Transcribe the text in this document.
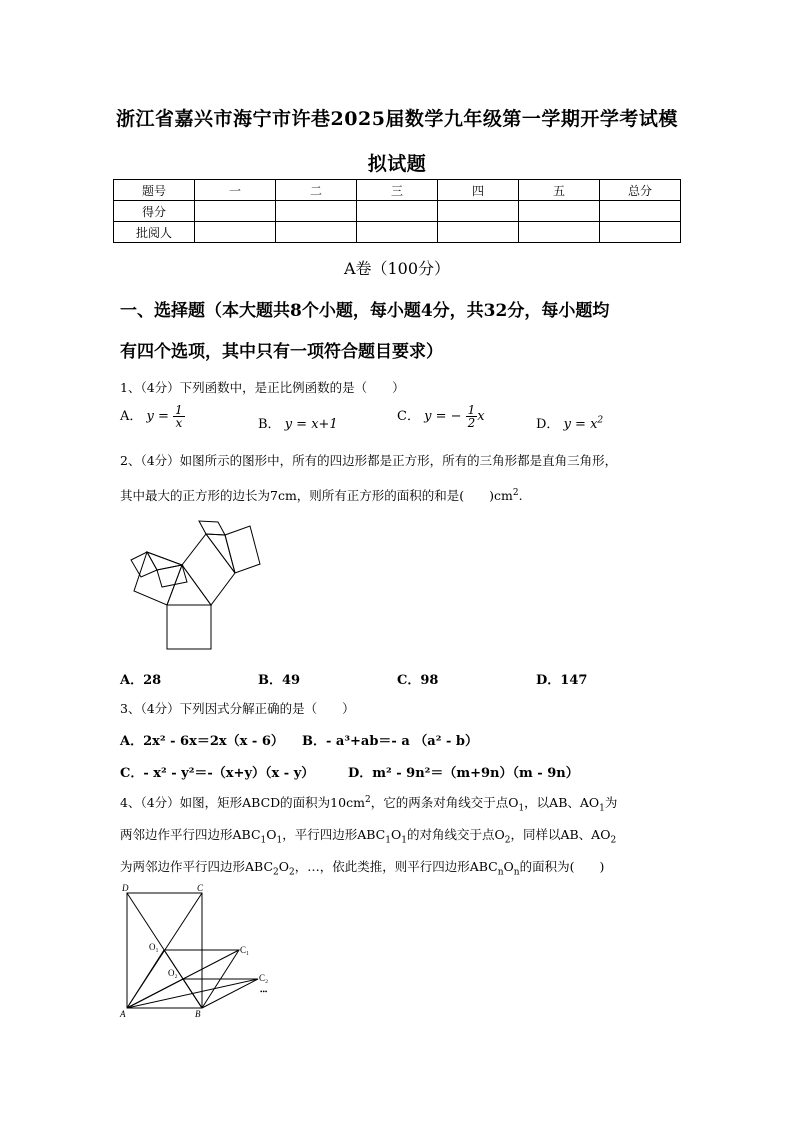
浙江省嘉兴市海宁市许巷2025届数学九年级第一学期开学考试模
拟试题
题号	一	二	三	四	五	总分
得分						
批阅人						
A卷（100分）
一、选择题（本大题共8个小题，每小题4分，共32分，每小题均
有四个选项，其中只有一项符合题目要求）
1、（4分）下列函数中，是正比例函数的是（　　）
A． $y = \frac{1}{x}$	B． y = x+1
C． y = − $\frac{1}{2}$ x
D． $y = x^2$
2、（4分）如图所示的图形中，所有的四边形都是正方形，所有的三角形都是直角三角形，
其中最大的正方形的边长为7cm，则所有正方形的面积的和是(　　)$cm^2$.
A．28	B．49	C．98	D．147
3、（4分）下列因式分解正确的是（　　）
A．2x² - 6x＝2x（x - 6） B．- a³+ab＝- a （a² - b）
C．- x² - y²＝-（x+y）（x - y）	D．m² - 9n²＝（m+9n）（m - 9n）
4、（4分）如图，矩形ABCD的面积为$10cm^2$，它的两条对角线交于点$O_1$，以AB、$AO_1$为
两邻边作平行四边形$ABC_1O_1$，平行四边形$ABC_1O_1$的对角线交于点$O_2$，同样以AB、$AO_2$
为两邻边作平行四边形$ABC_2O_2$，…，依此类推，则平行四边形$ABC_nO_n$的面积为(　　)
D	C
O₁
O₂
C₁
C₂
•••
A	B
